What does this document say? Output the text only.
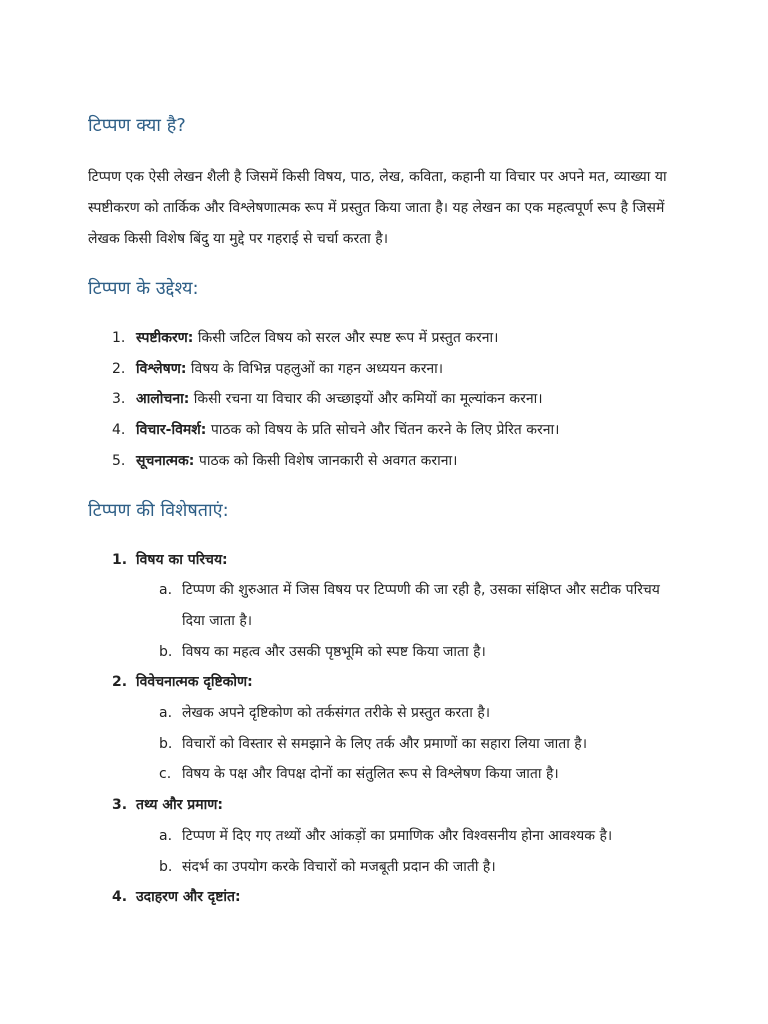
टिप्पण क्या है?

टिप्पण एक ऐसी लेखन शैली है जिसमें किसी विषय, पाठ, लेख, कविता, कहानी या विचार पर अपने मत, व्याख्या या स्पष्टीकरण को तार्किक और विश्लेषणात्मक रूप में प्रस्तुत किया जाता है। यह लेखन का एक महत्वपूर्ण रूप है जिसमें लेखक किसी विशेष बिंदु या मुद्दे पर गहराई से चर्चा करता है।

टिप्पण के उद्देश्य:
1. स्पष्टीकरण: किसी जटिल विषय को सरल और स्पष्ट रूप में प्रस्तुत करना।
2. विश्लेषण: विषय के विभिन्न पहलुओं का गहन अध्ययन करना।
3. आलोचना: किसी रचना या विचार की अच्छाइयों और कमियों का मूल्यांकन करना।
4. विचार-विमर्श: पाठक को विषय के प्रति सोचने और चिंतन करने के लिए प्रेरित करना।
5. सूचनात्मक: पाठक को किसी विशेष जानकारी से अवगत कराना।
टिप्पण की विशेषताएं:
1. विषय का परिचय:
a. टिप्पण की शुरुआत में जिस विषय पर टिप्पणी की जा रही है, उसका संक्षिप्त और सटीक परिचय दिया जाता है।
b. विषय का महत्व और उसकी पृष्ठभूमि को स्पष्ट किया जाता है।
2. विवेचनात्मक दृष्टिकोण:
a. लेखक अपने दृष्टिकोण को तर्कसंगत तरीके से प्रस्तुत करता है।
b. विचारों को विस्तार से समझाने के लिए तर्क और प्रमाणों का सहारा लिया जाता है।
c. विषय के पक्ष और विपक्ष दोनों का संतुलित रूप से विश्लेषण किया जाता है।
3. तथ्य और प्रमाण:
a. टिप्पण में दिए गए तथ्यों और आंकड़ों का प्रमाणिक और विश्वसनीय होना आवश्यक है।
b. संदर्भ का उपयोग करके विचारों को मजबूती प्रदान की जाती है।
4. उदाहरण और दृष्टांत:
